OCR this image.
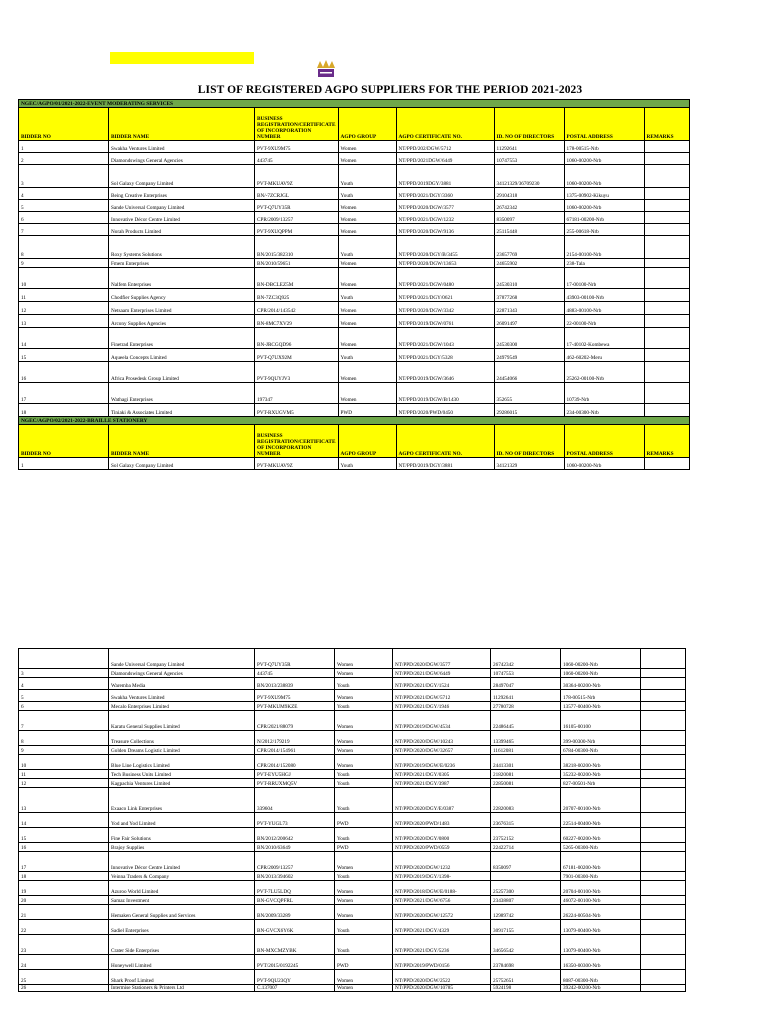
LIST OF REGISTERED AGPO SUPPLIERS FOR THE PERIOD 2021-2023
NGEC/AGPO/01/2021-2022-EVENT MODERATING SERVICES							
BIDDER NO	BIDDER NAME	BUSINESS REGISTRATION/CERTIFICATE OF INCORPORATION NUMBER	AGPO GROUP	AGPO CERTIFICATE NO.	ID. NO OF DIRECTORS	POSTAL ADDRESS	REMARKS
1	Swakha Ventures Limited	PVT-9XU9M75	Women	NT/PPD/202/DGW/5712	11292641	178-00515-Nrb	
2	Diamondswings General Agencies	443745	Women	NT/PPD/2021DGW/6449	10747553	1060-00200-Nrb	
3	Sol Galaxy Company Limited	PVT-MKUAV9Z	Youth	NT/PPD/2019DGY/3881	34121329/36709230	1060-00200-Nrb	
4	Being Creative Enterprises	BN/-7ZCRJGL	Youth	NT/PPD/2021/DGY/3360	29104318	1375-00902-Kikuyu	
5	Sande Universal Company Limited	PVT-Q7UY35R	Women	NT/PPD/2020/DGW/3577	26742342	1060-00200-Nrb	
6	Innovative Décor Centre Limited	CPR/2009/13257	Women	NT/PPD/2021/DGW/1232	8350097	67181-00200-Nrb	
7	Norah Products Limited	PVT-9XUQPPM	Women	NT/PPD/2020/DGW/9136	25115448	255-00618-Nrb	
8	Roxy Systems Solutions	BN/2015/382310	Youth	NT/PPD/2020/DGY/B/3455	23657769	2154-00100-Nrb	
9	Fmem Enterprises	BN/2010/59651	Women	NT/PPD/2020/DGW/13653	24655902	238-Tala	
10	Nalfem Enterprises	BN-DBCLEZ5M	Women	NT/PPD/2021/DGW/0480	24530310	17-00100-Nrb	
11	Chodfier Supplies Agency	BN-7ZC3Q925	Youth	NT/PPD/2021/DGY/0621	37877268	43903-00100-Nrb	
12	Netsaam Enterprises Limited	CPR/2014/143542	Women	NT/PPD/2020/DGW/3342	22871343	4883-00100-Nrb	
13	Arcony Supplies Agencies	BN-8MC7XV29	Women	NT/PPD/2019/DGW/0761	26091497	22-00100-Nrb	
14	Finetrad Enterprises	BN-JRCGQD96	Women	NT/PPD/2021/DGW/1043	24530300	17-40102-Kombewa	
15	Aqueela Concepts Limited	PVT-Q7UX92M	Youth	NT/PPD/2021/DGY/5328	24979549	462-60202-Meru	
16	Africa Prosedesk Group Limited	PVT-9QUYJV3	Women	NT/PPD/2019/DGW/3646	24454066	25262-00100-Nrb	
17	Wathagi Enterprises	197347	Women	NT/PPD/2019/DGW/B/1430	352655	10739-Nrb	
18	Tiniaki & Associates Limited	PVT-RXUGVM5	PWD	NT/PPD/2020/PWD/0450	29286015	234-00300-Nrb	
NGEC/AGPO/02/2021-2022-BRAILLE STATIONERY							
BIDDER NO	BIDDER NAME	BUSINESS REGISTRATION/CERTIFICATE OF INCORPORATION NUMBER	AGPO GROUP	AGPO CERTIFICATE NO.	ID. NO OF DIRECTORS	POSTAL ADDRESS	REMARKS
1	Sol Galaxy Company Limited	PVT-MKUAV9Z	Youth	NT/PPD/2019/DGY/3881	34121329	1060-00200-Nrb	
	Sande Universal Company Limited	PVT-Q7UY35R	Women	NT/PPD/2020/DGW/3577	26742342	1060-00200-Nrb	
3	Diamondswings General Agencies	443745	Women	NT/PPD/2021/DGW/6449	10747553	1060-00200-Nrb	
4	Waremba Media	BN/2013/238839	Youth	NT/PPD/2021/DGY/1524	28497047	30364-00200-Nrb	
5	Swakha Ventures Limited	PVT-9XU9M75	Women	NT/PPD/2021/DGW/5712	11292641	178-00515-Nrb	
6	Mecalo Enterprises Limited	PVT-MKUM9KZE	Youth	NT/PPD/2021/DGY/1946	27780728	13577-00400-Nrb	
7	Karatu General Supplies Limited	CPR/2021/88079	Women	NT/PPD/2019/DGW/4534	22486445	16105-00100	
8	Treasure Collections	N/2012/179219	Women	NT/PPD/2020/DGW/10243	13399465	399-00300-Nrb	
9	Golden Dreams Logistic Limited	CPR/2014/154961	Women	NT/PPD/2020/DGW/32657	11612081	6784-00300-Nrb	
10	Blue Line Logistics Limited	CPR/2014/152080	Women	NT/PPD/2019/DGW/E/0236	24413301	38218-00200-Nrb	
11	Tech Business Units Limited	PVT-EYU5HGJ	Youth	NT/PPD/2021/DGY/0305	21820081	35232-00200-Nrb	
12	Kagpachia Ventures Limited	PVT-RRUXMQ5V	Youth	NT/PPD/2021/DGY/3987	22850081	827-00501-Nrb	
13	Exaaco Link Enterprises	339604	Youth	NT/PPD/2020/DGY/E/0387	22820083	20707-00100-Nrb	
14	Yod and Yod Limited	PVT-YUGL73	PWD	NT/PPD/2020/PWD/1483	23676315	22514-00400-Nrb	
15	Fine Fair Solutions	BN/2012/200642	Youth	NT/PPD/2020/DGY/0800	23752152	60227-00200-Nrb	
16	Brajoy Supplies	BN/2010/63649	PWD	NT/PPD/2020/PWD/0559	22422714	5265-00300-Nrb	
17	Innovative Décor Centre Limited	CPR/2009/13257	Women	NT/PPD/2020/DGW/1232	8350097	67181-00200-Nrb	
18	Veinna Traders & Company	BN/2013/394602	Youth	NT/PPD/2019/DGY/1398-		7901-00300-Nrb	
19	Azuroo World Limited	PVT-7LU5LDQ	Women	NT/PPD/2018/DGW/E/0188-	25257300	20704-00100-Nrb	
20	Samaz Investment	BN-GVCQPFRL	Women	NT/PPD/2021/DGW/6756	23438807	46072-00100-Nrb	
21	Hemaken General Supplies and Services	BN/2009/33289	Women	NT/PPD/2020/DGW/12572	12989742	26224-00504-Nrb	
22	Sadiel Enterprises	BN-GVCX6Y6K	Youth	NT/PPD/2021/DGY/4329	30917155	13079-00400-Nrb	
23	Crater Side Enterprises	BN-MXCMZYBK	Youth	NT/PPD/2021/DGY/5236	34656542	13079-00400-Nrb	
24	Honeywell Limited	PVT/2015/0192245	PWD	NT/PPD/2019/PWD/0156	23784698	16350-00300-Nrb	
25	Shark Proof Limited	PVT-9QU23QY	Women	NT/PPD/2020/DGW/2522	25752651	8087-00300-Nrb	
26	Intermise Stationers & Printers Ltd	C.137007	Women	NT/PPD/2020/DGW/10785	5924198	39242-00200-Nrb	
